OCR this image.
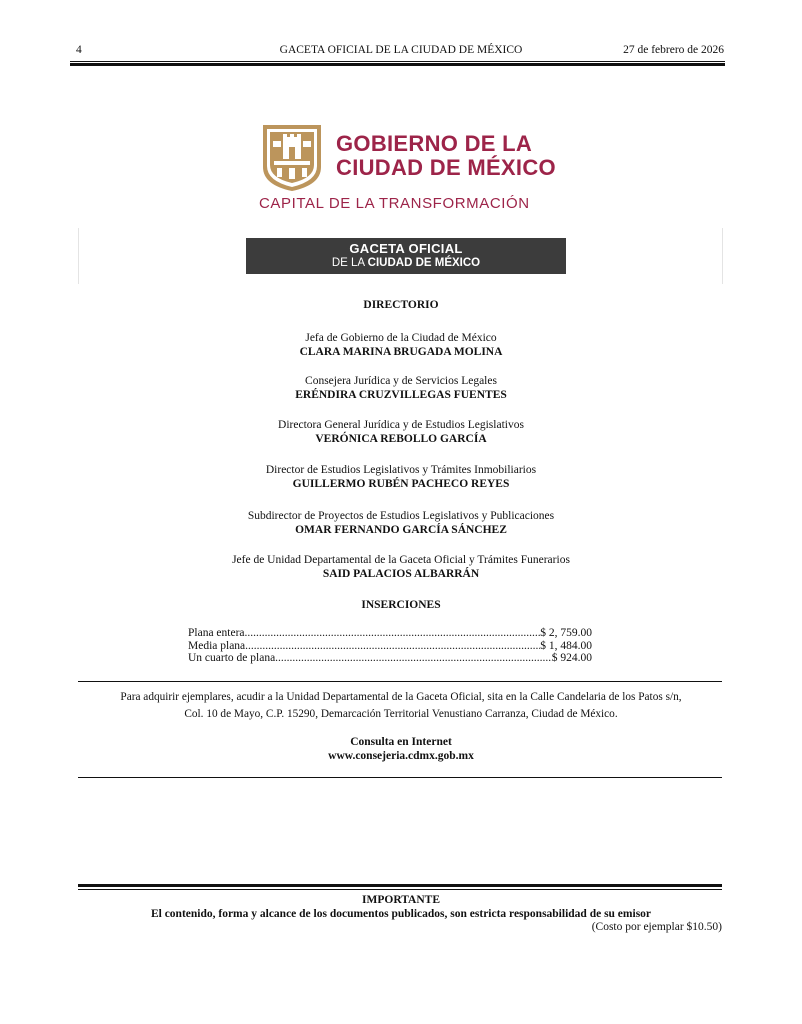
4	GACETA OFICIAL DE LA CIUDAD DE MÉXICO	27 de febrero de 2026
GOBIERNO DE LA
CIUDAD DE MÉXICO
CAPITAL DE LA TRANSFORMACIÓN
GACETA OFICIAL
DE LA CIUDAD DE MÉXICO
DIRECTORIO
Jefa de Gobierno de la Ciudad de México
CLARA MARINA BRUGADA MOLINA
Consejera Jurídica y de Servicios Legales
ERÉNDIRA CRUZVILLEGAS FUENTES
Directora General Jurídica y de Estudios Legislativos
VERÓNICA REBOLLO GARCÍA
Director de Estudios Legislativos y Trámites Inmobiliarios
GUILLERMO RUBÉN PACHECO REYES
Subdirector de Proyectos de Estudios Legislativos y Publicaciones
OMAR FERNANDO GARCÍA SÁNCHEZ
Jefe de Unidad Departamental de la Gaceta Oficial y Trámites Funerarios
SAID PALACIOS ALBARRÁN
INSERCIONES
Plana entera .....	$ 2, 759.00
Media plana .....	$ 1, 484.00
Un cuarto de plana .....	$ 924.00
Para adquirir ejemplares, acudir a la Unidad Departamental de la Gaceta Oficial, sita en la Calle Candelaria de los Patos s/n,
Col. 10 de Mayo, C.P. 15290, Demarcación Territorial Venustiano Carranza, Ciudad de México.
Consulta en Internet
www.consejeria.cdmx.gob.mx
IMPORTANTE
El contenido, forma y alcance de los documentos publicados, son estricta responsabilidad de su emisor
(Costo por ejemplar $10.50)
